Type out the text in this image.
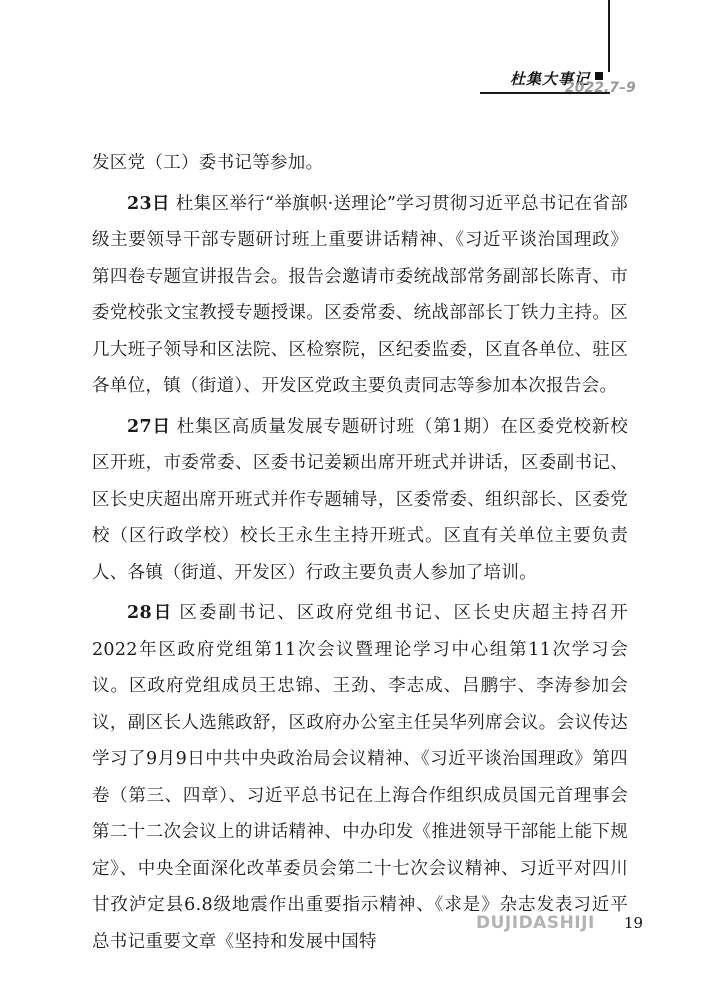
杜集大事记
2022.7–9

发区党（工）委书记等参加。

23日 杜集区举行“举旗帜·送理论”学习贯彻习近平总书记在省部级主要领导干部专题研讨班上重要讲话精神、《习近平谈治国理政》第四卷专题宣讲报告会。报告会邀请市委统战部常务副部长陈青、市委党校张文宝教授专题授课。区委常委、统战部部长丁铁力主持。区几大班子领导和区法院、区检察院，区纪委监委，区直各单位、驻区各单位，镇（街道）、开发区党政主要负责同志等参加本次报告会。

27日 杜集区高质量发展专题研讨班（第1期）在区委党校新校区开班，市委常委、区委书记姜颖出席开班式并讲话，区委副书记、区长史庆超出席开班式并作专题辅导，区委常委、组织部长、区委党校（区行政学校）校长王永生主持开班式。区直有关单位主要负责人、各镇（街道、开发区）行政主要负责人参加了培训。

28日 区委副书记、区政府党组书记、区长史庆超主持召开2022年区政府党组第11次会议暨理论学习中心组第11次学习会议。区政府党组成员王忠锦、王劲、李志成、吕鹏宇、李涛参加会议，副区长人选熊政舒，区政府办公室主任吴华列席会议。会议传达学习了9月9日中共中央政治局会议精神、《习近平谈治国理政》第四卷（第三、四章）、习近平总书记在上海合作组织成员国元首理事会第二十二次会议上的讲话精神、中办印发《推进领导干部能上能下规定》、中央全面深化改革委员会第二十七次会议精神、习近平对四川甘孜泸定县6.8级地震作出重要指示精神、《求是》杂志发表习近平总书记重要文章《坚持和发展中国特

DUJIDASHIJI 19
